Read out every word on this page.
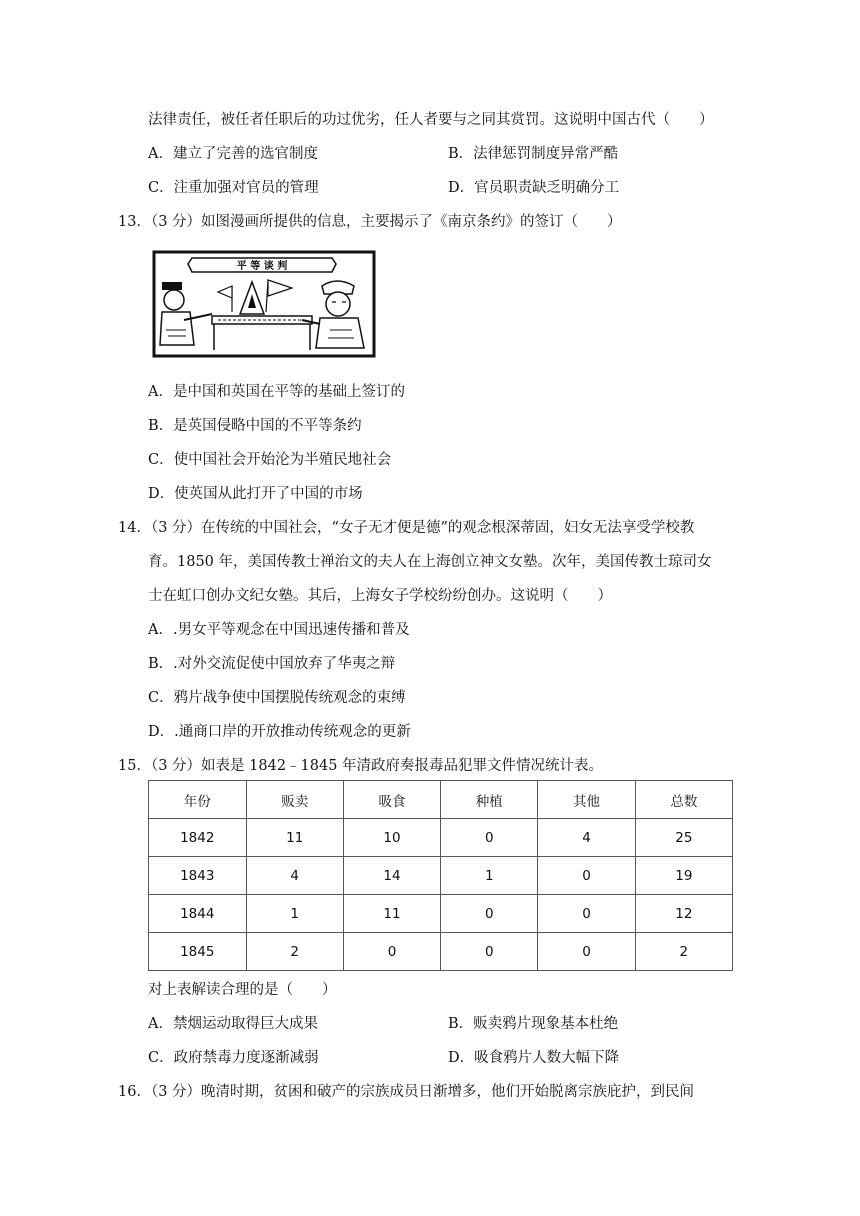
法律责任，被任者任职后的功过优劣，任人者要与之同其赏罚。这说明中国古代（　　）
A．建立了完善的选官制度	B．法律惩罚制度异常严酷
C．注重加强对官员的管理	D．官员职责缺乏明确分工
13．（3 分）如图漫画所提供的信息，主要揭示了《南京条约》的签订（　　）
平 等 谈 判
A．是中国和英国在平等的基础上签订的
B．是英国侵略中国的不平等条约
C．使中国社会开始沦为半殖民地社会
D．使英国从此打开了中国的市场
14．（3 分）在传统的中国社会，“女子无才便是德”的观念根深蒂固，妇女无法享受学校教
育。1850 年，美国传教士禅治文的夫人在上海创立神文女塾。次年，美国传教士琼司女
士在虹口创办文纪女塾。其后，上海女子学校纷纷创办。这说明（　　）
A．.男女平等观念在中国迅速传播和普及
B．.对外交流促使中国放弃了华夷之辩
C．鸦片战争使中国摆脱传统观念的束缚
D．.通商口岸的开放推动传统观念的更新
15．（3 分）如表是 1842﹣1845 年清政府奏报毒品犯罪文件情况统计表。
年份	贩卖	吸食	种植	其他	总数
1842	11	10	0	4	25
1843	4	14	1	0	19
1844	1	11	0	0	12
1845	2	0	0	0	2
对上表解读合理的是（　　）
A．禁烟运动取得巨大成果	B．贩卖鸦片现象基本杜绝
C．政府禁毒力度逐渐减弱	D．吸食鸦片人数大幅下降
16．（3 分）晚清时期，贫困和破产的宗族成员日渐增多，他们开始脱离宗族庇护，到民间
